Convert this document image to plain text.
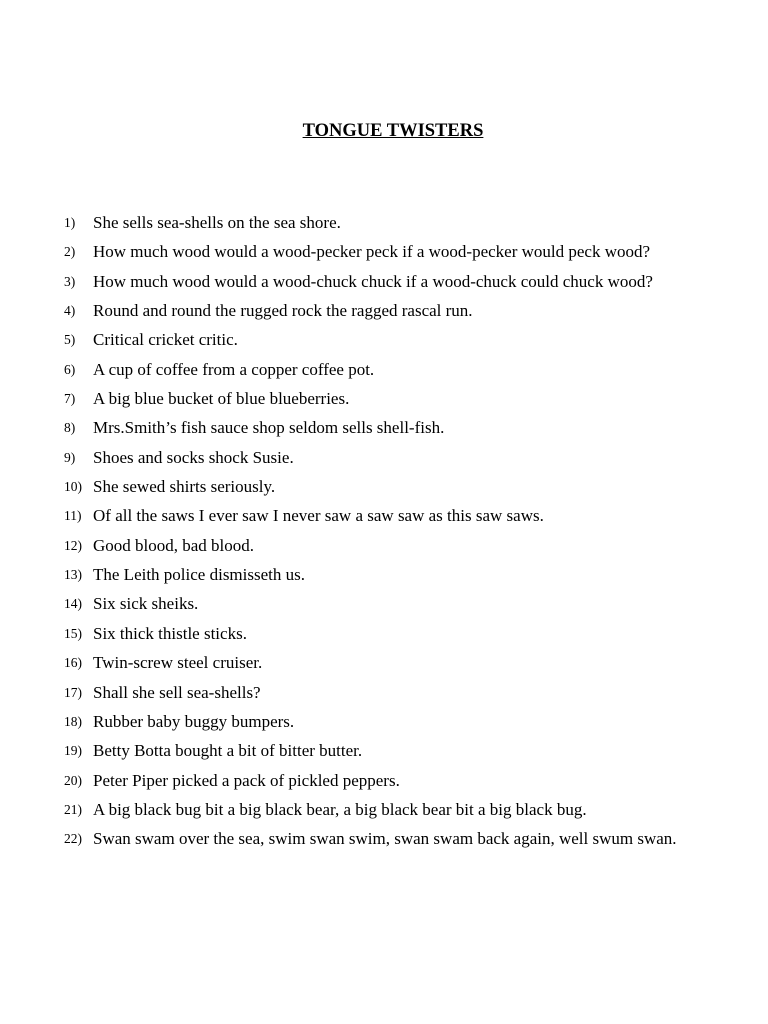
TONGUE TWISTERS
1) She sells sea-shells on the sea shore.
2) How much wood would a wood-pecker peck if a wood-pecker would peck wood?
3) How much wood would a wood-chuck chuck if a wood-chuck could chuck wood?
4) Round and round the rugged rock the ragged rascal run.
5) Critical cricket critic.
6) A cup of coffee from a copper coffee pot.
7) A big blue bucket of blue blueberries.
8) Mrs.Smith’s fish sauce shop seldom sells shell-fish.
9) Shoes and socks shock Susie.
10) She sewed shirts seriously.
11) Of all the saws I ever saw I never saw a saw saw as this saw saws.
12) Good blood, bad blood.
13) The Leith police dismisseth us.
14) Six sick sheiks.
15) Six thick thistle sticks.
16) Twin-screw steel cruiser.
17) Shall she sell sea-shells?
18) Rubber baby buggy bumpers.
19) Betty Botta bought a bit of bitter butter.
20) Peter Piper picked a pack of pickled peppers.
21) A big black bug bit a big black bear, a big black bear bit a big black bug.
22) Swan swam over the sea, swim swan swim, swan swam back again, well swum swan.
